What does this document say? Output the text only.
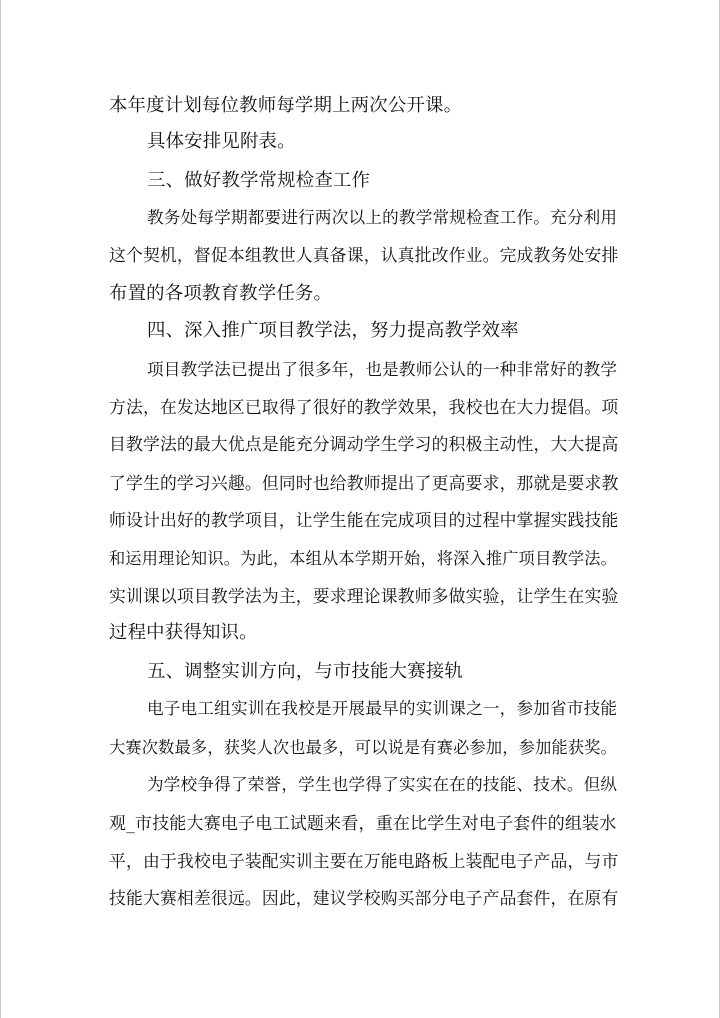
本年度计划每位教师每学期上两次公开课。
具体安排见附表。
三、做好教学常规检查工作
教务处每学期都要进行两次以上的教学常规检查工作。充分利用
这个契机，督促本组教世人真备课，认真批改作业。完成教务处安排
布置的各项教育教学任务。
四、深入推广项目教学法，努力提高教学效率
项目教学法已提出了很多年，也是教师公认的一种非常好的教学
方法，在发达地区已取得了很好的教学效果，我校也在大力提倡。项
目教学法的最大优点是能充分调动学生学习的积极主动性，大大提高
了学生的学习兴趣。但同时也给教师提出了更高要求，那就是要求教
师设计出好的教学项目，让学生能在完成项目的过程中掌握实践技能
和运用理论知识。为此，本组从本学期开始，将深入推广项目教学法。
实训课以项目教学法为主，要求理论课教师多做实验，让学生在实验
过程中获得知识。
五、调整实训方向，与市技能大赛接轨
电子电工组实训在我校是开展最早的实训课之一，参加省市技能
大赛次数最多，获奖人次也最多，可以说是有赛必参加，参加能获奖。
为学校争得了荣誉，学生也学得了实实在在的技能、技术。但纵
观_市技能大赛电子电工试题来看，重在比学生对电子套件的组装水
平，由于我校电子装配实训主要在万能电路板上装配电子产品，与市
技能大赛相差很远。因此，建议学校购买部分电子产品套件，在原有
